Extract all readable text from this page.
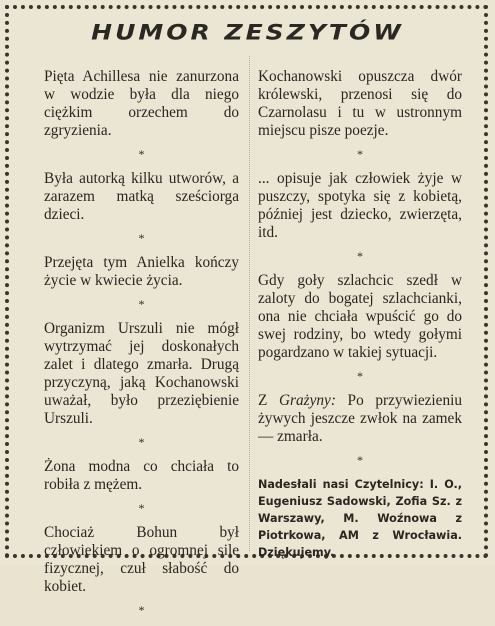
HUMOR ZESZYTÓW

Pięta Achillesa nie zanurzona w wodzie była dla niego ciężkim orzechem do zgryzienia.

*

Była autorką kilku utworów, a zarazem matką sześciorga dzieci.

*

Przejęta tym Anielka kończy życie w kwiecie życia.

*

Organizm Urszuli nie mógł wytrzymać jej doskonałych zalet i dlatego zmarła. Drugą przyczyną, jaką Kochanowski uważał, było przeziębienie Urszuli.

*

Żona modna co chciała to robiła z mężem.

*

Chociaż Bohun był człowiekiem o ogromnej sile fizycznej, czuł słabość do kobiet.

*

Kochanowski opuszcza dwór królewski, przenosi się do Czarnolasu i tu w ustronnym miejscu pisze poezje.

*

... opisuje jak człowiek żyje w puszczy, spotyka się z kobietą, później jest dziecko, zwierzęta, itd.

*

Gdy goły szlachcic szedł w zaloty do bogatej szlachcianki, ona nie chciała wpuścić go do swej rodziny, bo wtedy gołymi pogardzano w takiej sytuacji.

*

Z Grażyny: Po przywiezieniu żywych jeszcze zwłok na zamek — zmarła.

*

Nadesłali nasi Czytelnicy: I. O., Eugeniusz Sadowski, Zofia Sz. z Warszawy, M. Woźnowa z Piotrkowa, AM z Wrocławia. Dziękujemy.
